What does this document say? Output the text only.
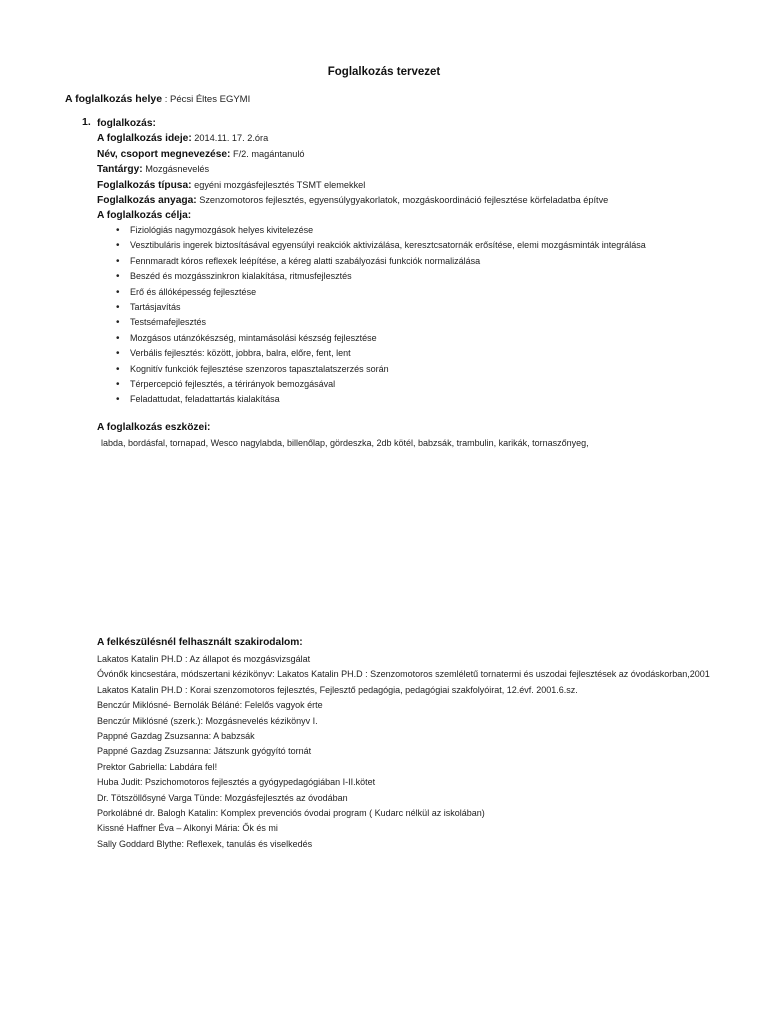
Foglalkozás tervezet
A foglalkozás helye : Pécsi Éltes EGYMI
1. foglalkozás:
A foglalkozás ideje: 2014.11. 17. 2.óra
Név, csoport megnevezése: F/2. magántanuló
Tantárgy: Mozgásnevelés
Foglalkozás típusa: egyéni mozgásfejlesztés TSMT elemekkel
Foglalkozás anyaga: Szenzomotoros fejlesztés, egyensúlygyakorlatok, mozgáskoordináció fejlesztése körfeladatba építve
A foglalkozás célja:
• Fiziológiás nagymozgások helyes kivitelezése
• Vesztibuláris ingerek biztosításával egyensúlyi reakciók aktivizálása, keresztcsatornák erősítése, elemi mozgásminták integrálása
• Fennmaradt kóros reflexek leépítése, a kéreg alatti szabályozási funkciók normalizálása
• Beszéd és mozgásszinkron kialakítása, ritmusfejlesztés
• Erő és állóképesség fejlesztése
• Tartásjavítás
• Testsémafejlesztés
• Mozgásos utánzókészség, mintamásolási készség fejlesztése
• Verbális fejlesztés: között, jobbra, balra, előre, fent, lent
• Kognitív funkciók fejlesztése szenzoros tapasztalatszerzés során
• Térpercepció fejlesztés, a térirányok bemozgásával
• Feladattudat, feladattartás kialakítása
A foglalkozás eszközei:
labda, bordásfal, tornapad, Wesco nagylabda, billenőlap, gördeszka, 2db kötél, babzsák, trambulin, karikák, tornaszőnyeg,
A felkészülésnél felhasznált szakirodalom:
Lakatos Katalin PH.D : Az állapot és mozgásvizsgálat
Óvónők kincsestára, módszertani kézikönyv: Lakatos Katalin PH.D : Szenzomotoros szemléletű tornatermi és uszodai fejlesztések az óvodáskorban,2001
Lakatos Katalin PH.D : Korai szenzomotoros fejlesztés, Fejlesztő pedagógia, pedagógiai szakfolyóirat, 12.évf. 2001.6.sz.
Benczúr Miklósné- Bernolák Béláné: Felelős vagyok érte
Benczúr Miklósné (szerk.): Mozgásnevelés kézikönyv I.
Pappné Gazdag Zsuzsanna: A babzsák
Pappné Gazdag Zsuzsanna: Játszunk gyógyító tornát
Prektor Gabriella: Labdára fel!
Huba Judit: Pszichomotoros fejlesztés a gyógypedagógiában I-II.kötet
Dr. Tötszöllősyné Varga Tünde: Mozgásfejlesztés az óvodában
Porkolábné dr. Balogh Katalin: Komplex prevenciós óvodai program ( Kudarc nélkül az iskolában)
Kissné Haffner Éva – Alkonyi Mária: Ők és mi
Sally Goddard Blythe: Reflexek, tanulás és viselkedés
